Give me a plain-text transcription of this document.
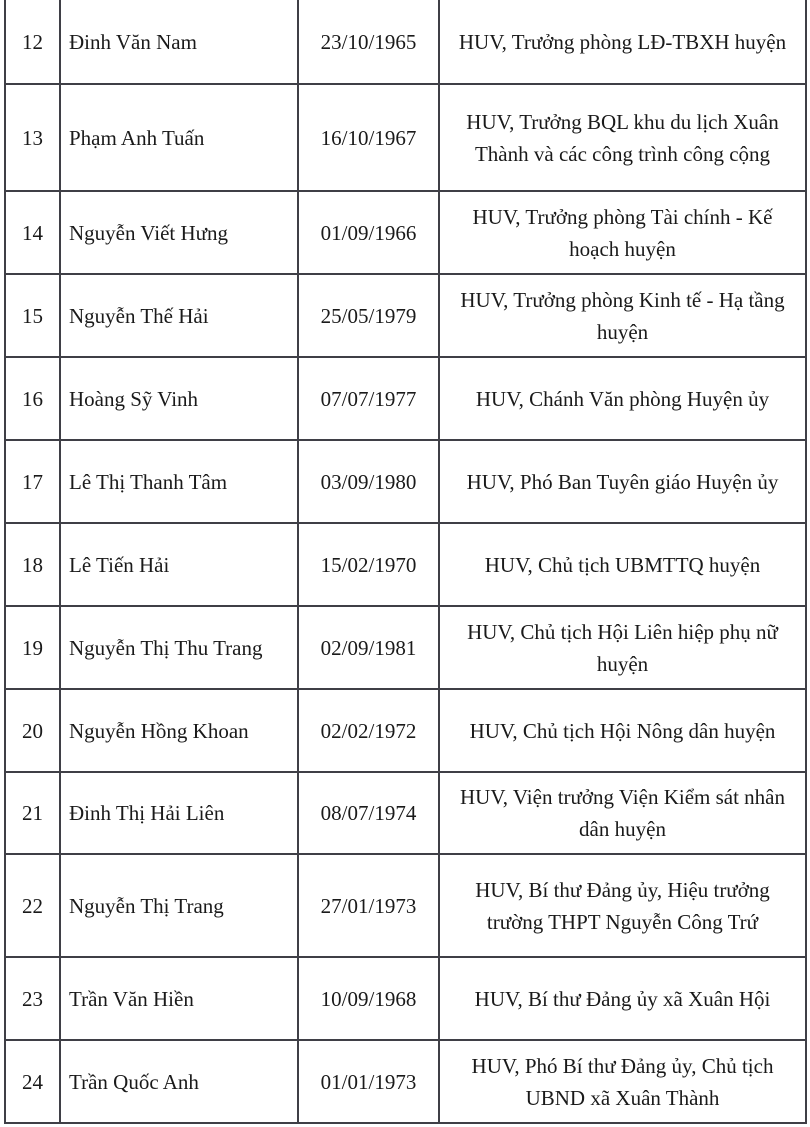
12	Đinh Văn Nam	23/10/1965	HUV, Trưởng phòng LĐ-TBXH huyện
13	Phạm Anh Tuấn	16/10/1967	HUV, Trưởng BQL khu du lịch Xuân Thành và các công trình công cộng
14	Nguyễn Viết Hưng	01/09/1966	HUV, Trưởng phòng Tài chính - Kế hoạch huyện
15	Nguyễn Thế Hải	25/05/1979	HUV, Trưởng phòng Kinh tế - Hạ tầng huyện
16	Hoàng Sỹ Vinh	07/07/1977	HUV, Chánh Văn phòng Huyện ủy
17	Lê Thị Thanh Tâm	03/09/1980	HUV, Phó Ban Tuyên giáo Huyện ủy
18	Lê Tiến Hải	15/02/1970	HUV, Chủ tịch UBMTTQ huyện
19	Nguyễn Thị Thu Trang	02/09/1981	HUV, Chủ tịch Hội Liên hiệp phụ nữ huyện
20	Nguyễn Hồng Khoan	02/02/1972	HUV, Chủ tịch Hội Nông dân huyện
21	Đinh Thị Hải Liên	08/07/1974	HUV, Viện trưởng Viện Kiểm sát nhân dân huyện
22	Nguyễn Thị Trang	27/01/1973	HUV, Bí thư Đảng ủy, Hiệu trưởng trường THPT Nguyễn Công Trứ
23	Trần Văn Hiền	10/09/1968	HUV, Bí thư Đảng ủy xã Xuân Hội
24	Trần Quốc Anh	01/01/1973	HUV, Phó Bí thư Đảng ủy, Chủ tịch UBND xã Xuân Thành
